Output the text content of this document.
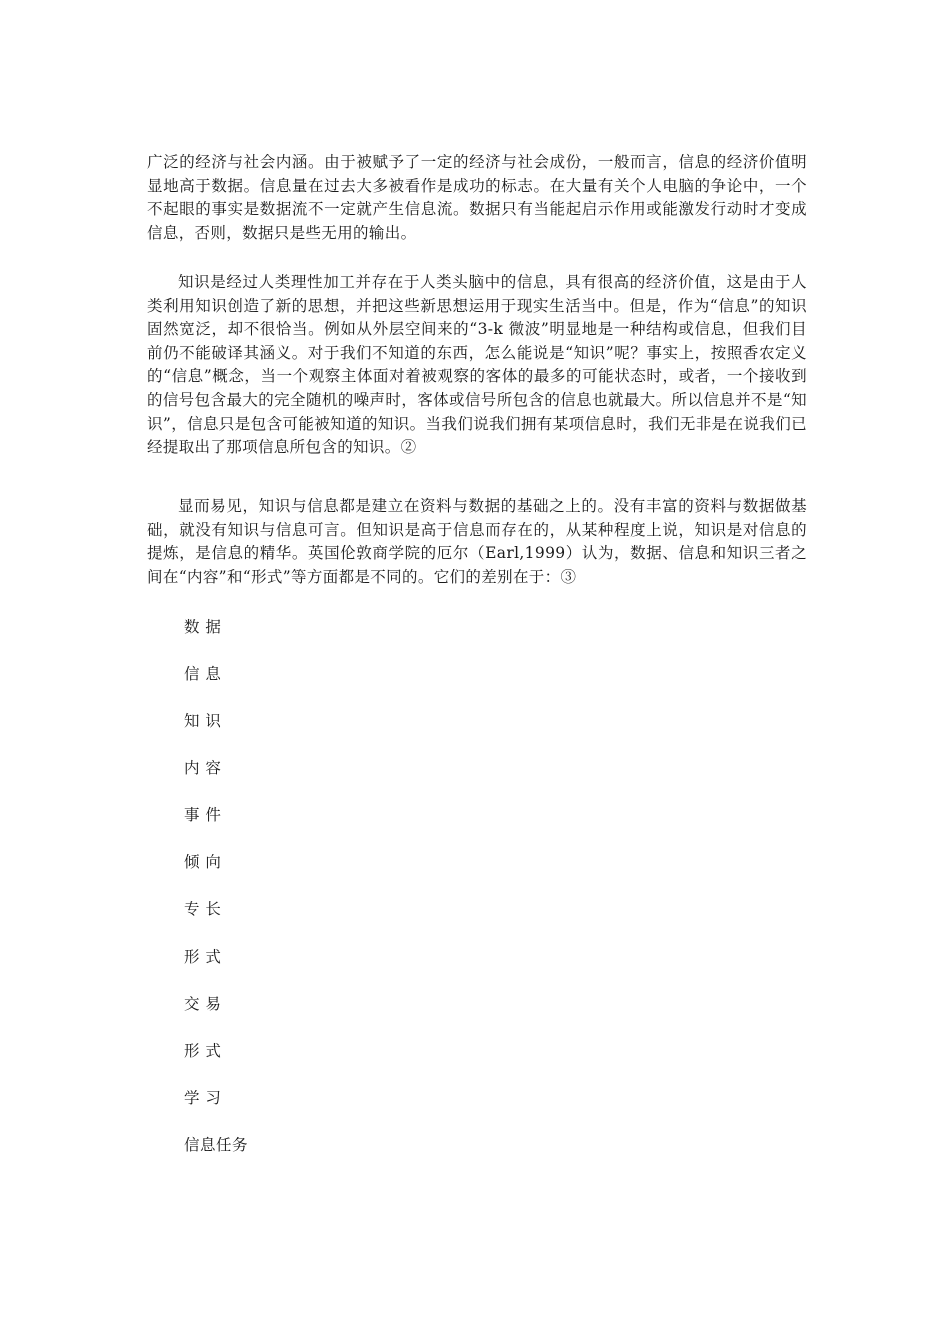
广泛的经济与社会内涵。由于被赋予了一定的经济与社会成份，一般而言，信息的经济价值明显地高于数据。信息量在过去大多被看作是成功的标志。在大量有关个人电脑的争论中，一个不起眼的事实是数据流不一定就产生信息流。数据只有当能起启示作用或能激发行动时才变成信息，否则，数据只是些无用的输出。

知识是经过人类理性加工并存在于人类头脑中的信息，具有很高的经济价值，这是由于人类利用知识创造了新的思想，并把这些新思想运用于现实生活当中。但是，作为“信息”的知识固然宽泛，却不很恰当。例如从外层空间来的“3-k 微波”明显地是一种结构或信息，但我们目前仍不能破译其涵义。对于我们不知道的东西，怎么能说是“知识”呢？事实上，按照香农定义的“信息”概念，当一个观察主体面对着被观察的客体的最多的可能状态时，或者，一个接收到的信号包含最大的完全随机的噪声时，客体或信号所包含的信息也就最大。所以信息并不是“知识”，信息只是包含可能被知道的知识。当我们说我们拥有某项信息时，我们无非是在说我们已经提取出了那项信息所包含的知识。②

显而易见，知识与信息都是建立在资料与数据的基础之上的。没有丰富的资料与数据做基础，就没有知识与信息可言。但知识是高于信息而存在的，从某种程度上说，知识是对信息的提炼，是信息的精华。英国伦敦商学院的厄尔（Earl,1999）认为，数据、信息和知识三者之间在“内容”和“形式”等方面都是不同的。它们的差别在于：③

数 据
信 息
知 识
内 容
事 件
倾 向
专 长
形 式
交 易
形 式
学 习
信息任务
